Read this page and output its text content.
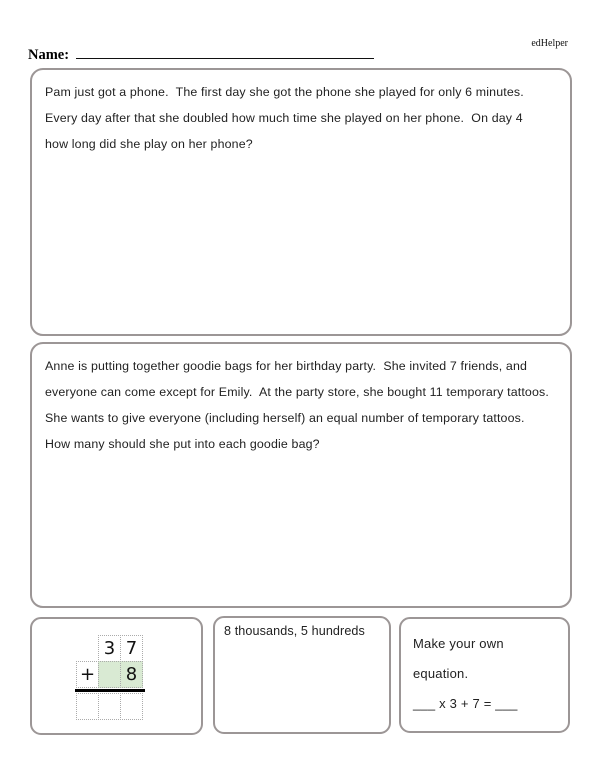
edHelper
Name:
Pam just got a phone.  The first day she got the phone she played for only 6 minutes.
Every day after that she doubled how much time she played on her phone.  On day 4
how long did she play on her phone?
Anne is putting together goodie bags for her birthday party.  She invited 7 friends, and
everyone can come except for Emily.  At the party store, she bought 11 temporary tattoos.
She wants to give everyone (including herself) an equal number of temporary tattoos.
How many should she put into each goodie bag?
3 7
+	8
8 thousands, 5 hundreds
Make your own
equation.
___ x 3 + 7 = ___
